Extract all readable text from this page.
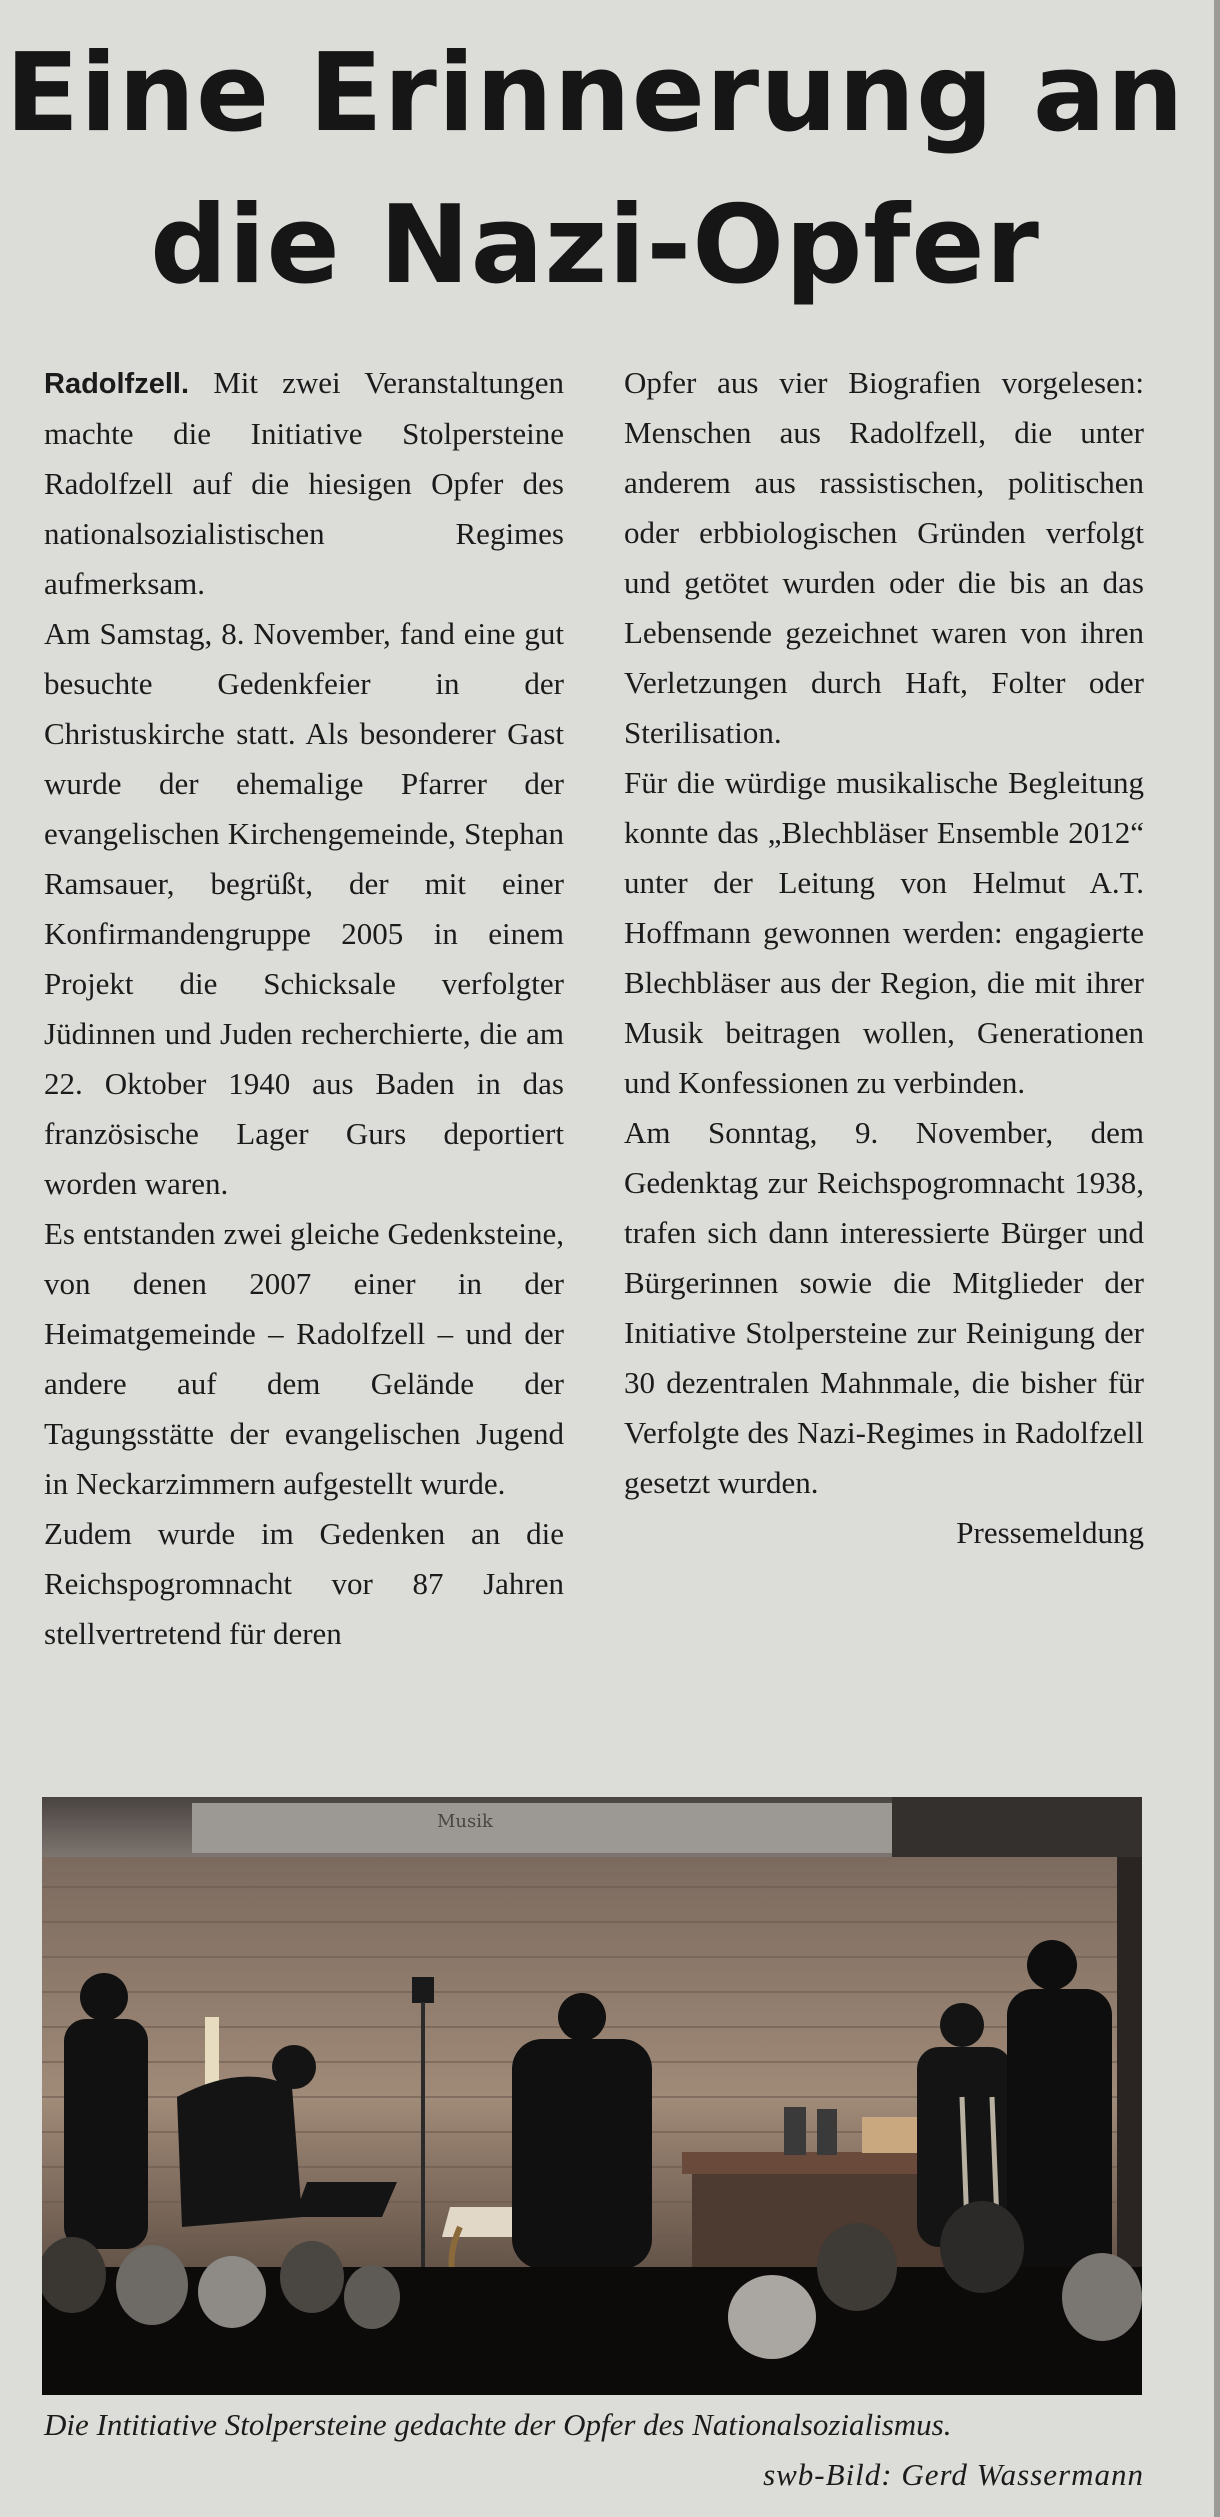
Eine Erinnerung an
die Nazi-Opfer

Radolfzell. Mit zwei Veranstaltungen machte die Initiative Stolpersteine Radolfzell auf die hiesigen Opfer des nationalsozialistischen Regimes aufmerksam.

Am Samstag, 8. November, fand eine gut besuchte Gedenkfeier in der Christuskirche statt. Als besonderer Gast wurde der ehemalige Pfarrer der evangelischen Kirchengemeinde, Stephan Ramsauer, begrüßt, der mit einer Konfirmandengruppe 2005 in einem Projekt die Schicksale verfolgter Jüdinnen und Juden recherchierte, die am 22. Oktober 1940 aus Baden in das französische Lager Gurs deportiert worden waren.

Es entstanden zwei gleiche Gedenksteine, von denen 2007 einer in der Heimatgemeinde – Radolfzell – und der andere auf dem Gelände der Tagungsstätte der evangelischen Jugend in Neckarzimmern aufgestellt wurde.

Zudem wurde im Gedenken an die Reichspogromnacht vor 87 Jahren stellvertretend für deren

Opfer aus vier Biografien vorgelesen: Menschen aus Radolfzell, die unter anderem aus rassistischen, politischen oder erbbiologischen Gründen verfolgt und getötet wurden oder die bis an das Lebensende gezeichnet waren von ihren Verletzungen durch Haft, Folter oder Sterilisation.

Für die würdige musikalische Begleitung konnte das „Blechbläser Ensemble 2012“ unter der Leitung von Helmut A.T. Hoffmann gewonnen werden: engagierte Blechbläser aus der Region, die mit ihrer Musik beitragen wollen, Generationen und Konfessionen zu verbinden.

Am Sonntag, 9. November, dem Gedenktag zur Reichspogromnacht 1938, trafen sich dann interessierte Bürger und Bürgerinnen sowie die Mitglieder der Initiative Stolpersteine zur Reinigung der 30 dezentralen Mahnmale, die bisher für Verfolgte des Nazi-Regimes in Radolfzell gesetzt wurden.

Pressemeldung

Musik

Die Intitiative Stolpersteine gedachte der Opfer des Nationalsozialismus.
swb-Bild: Gerd Wassermann
